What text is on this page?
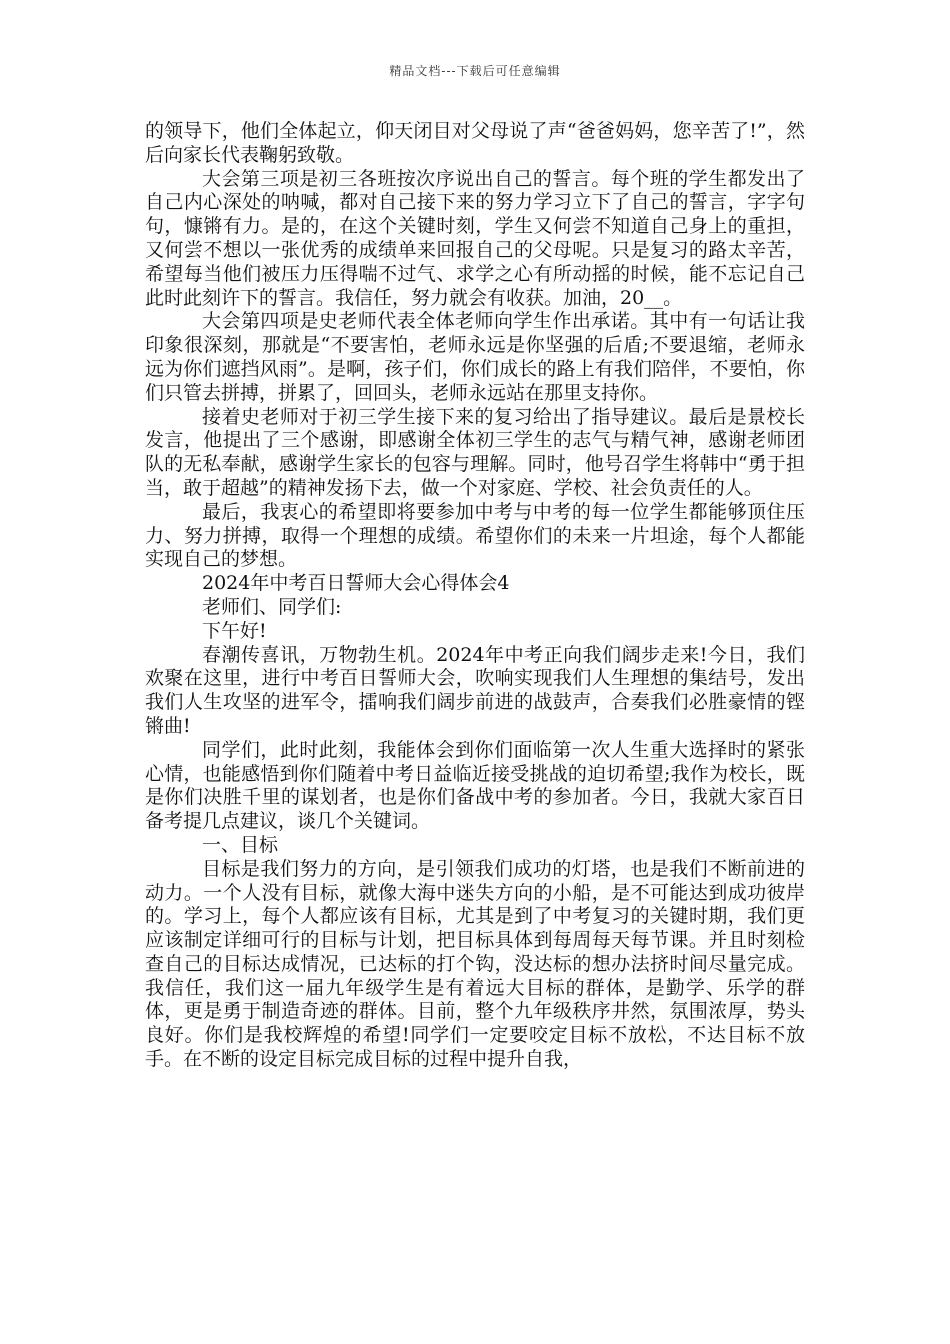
精品文档---下载后可任意编辑

的领导下，他们全体起立，仰天闭目对父母说了声“爸爸妈妈，您辛苦了!”，然后向家长代表鞠躬致敬。

大会第三项是初三各班按次序说出自己的誓言。每个班的学生都发出了自己内心深处的呐喊，都对自己接下来的努力学习立下了自己的誓言，字字句句，慷锵有力。是的，在这个关键时刻，学生又何尝不知道自己身上的重担，又何尝不想以一张优秀的成绩单来回报自己的父母呢。只是复习的路太辛苦，希望每当他们被压力压得喘不过气、求学之心有所动摇的时候，能不忘记自己此时此刻许下的誓言。我信任，努力就会有收获。加油，20__。

大会第四项是史老师代表全体老师向学生作出承诺。其中有一句话让我印象很深刻，那就是“不要害怕，老师永远是你坚强的后盾;不要退缩，老师永远为你们遮挡风雨”。是啊，孩子们，你们成长的路上有我们陪伴，不要怕，你们只管去拼搏，拼累了，回回头，老师永远站在那里支持你。

接着史老师对于初三学生接下来的复习给出了指导建议。最后是景校长发言，他提出了三个感谢，即感谢全体初三学生的志气与精气神，感谢老师团队的无私奉献，感谢学生家长的包容与理解。同时，他号召学生将韩中“勇于担当，敢于超越”的精神发扬下去，做一个对家庭、学校、社会负责任的人。

最后，我衷心的希望即将要参加中考与中考的每一位学生都能够顶住压力、努力拼搏，取得一个理想的成绩。希望你们的未来一片坦途，每个人都能实现自己的梦想。

2024年中考百日誓师大会心得体会4

老师们、同学们:

下午好!

春潮传喜讯，万物勃生机。2024年中考正向我们阔步走来!今日，我们欢聚在这里，进行中考百日誓师大会，吹响实现我们人生理想的集结号，发出我们人生攻坚的进军令，擂响我们阔步前进的战鼓声，合奏我们必胜豪情的铿锵曲!

同学们，此时此刻，我能体会到你们面临第一次人生重大选择时的紧张心情，也能感悟到你们随着中考日益临近接受挑战的迫切希望;我作为校长，既是你们决胜千里的谋划者，也是你们备战中考的参加者。今日，我就大家百日备考提几点建议，谈几个关键词。

一、目标

目标是我们努力的方向，是引领我们成功的灯塔，也是我们不断前进的动力。一个人没有目标，就像大海中迷失方向的小船，是不可能达到成功彼岸的。学习上，每个人都应该有目标，尤其是到了中考复习的关键时期，我们更应该制定详细可行的目标与计划，把目标具体到每周每天每节课。并且时刻检查自己的目标达成情况，已达标的打个钩，没达标的想办法挤时间尽量完成。我信任，我们这一届九年级学生是有着远大目标的群体，是勤学、乐学的群体，更是勇于制造奇迹的群体。目前，整个九年级秩序井然，氛围浓厚，势头良好。你们是我校辉煌的希望!同学们一定要咬定目标不放松，不达目标不放手。在不断的设定目标完成目标的过程中提升自我，
